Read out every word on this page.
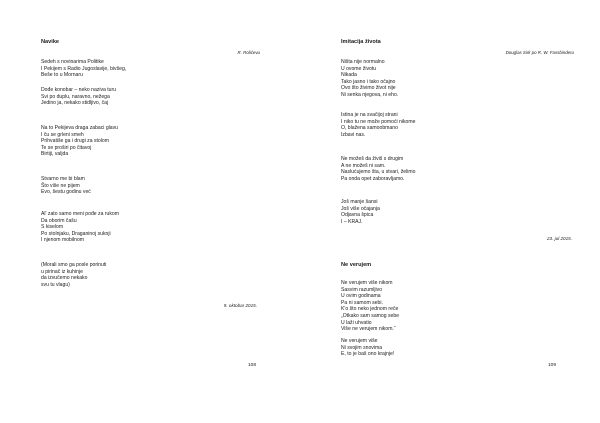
Navike
R. Rolićevu
Sedeh s novinarima Politike
I Pekijem s Radio Jugoslavije, bivšeg,
Beše to u Mornaru
Dođe konobar – neko naziva turu
Svi po duplu, naravno, nežega
Jedino ja, nekako stidljivo, čaj
Na to Pekijeva draga zabaci glavu
I ču se grleni smeh
Prihvatiše ga i drugi za stolom
Te se proširi po čitavoj
Birtiji, valjda
Stvarno me bi blam
Što više ne pijem
Evo, šestu godinu već
Al' zato samo meni pođe za rukom
Da oborim čašu
S kiselom
Po stolnjaku, Draganinoj suknji
I njenom mobilnom
(Morali smo ga posle porinuti
u pirinač iz kuhinje
da izvučemo nekako
svu tu vlagu)
9. oktobar 2015.
108
Imitacija života
Douglas Sirk po R. W. Fassbinderu
Ništa nije normalno
U ovome životu
Nikada
Tako jasno i tako očajno
Ovo što živimo život nije
Ni senka njegova, ni eho.
Istina je na svačijoj strani
I niko tu ne može pomoći nikome
O, blažena samoobmano
Izbavi nas.
Ne možeš da živiš s drugim
A ne možeš ni sam.
Naslućujemo šta, u stvari, želimo
Pa onda opet zaboravljamo.
Još manje šansi
Još više očajanja
Odjavna špica
I – KRAJ.
23. jul 2015.
Ne verujem
Ne verujem više nikom
Sasvim razumljivo
U ovim godinama
Pa ni samom sebi.
K'o što neko jednom reče
„Otkako sam samog sebe
U laži uhvatio
Više ne verujem nikom.“
Ne verujem više
Ni svojim snovima
E, to je baš ono krajnje!
109
